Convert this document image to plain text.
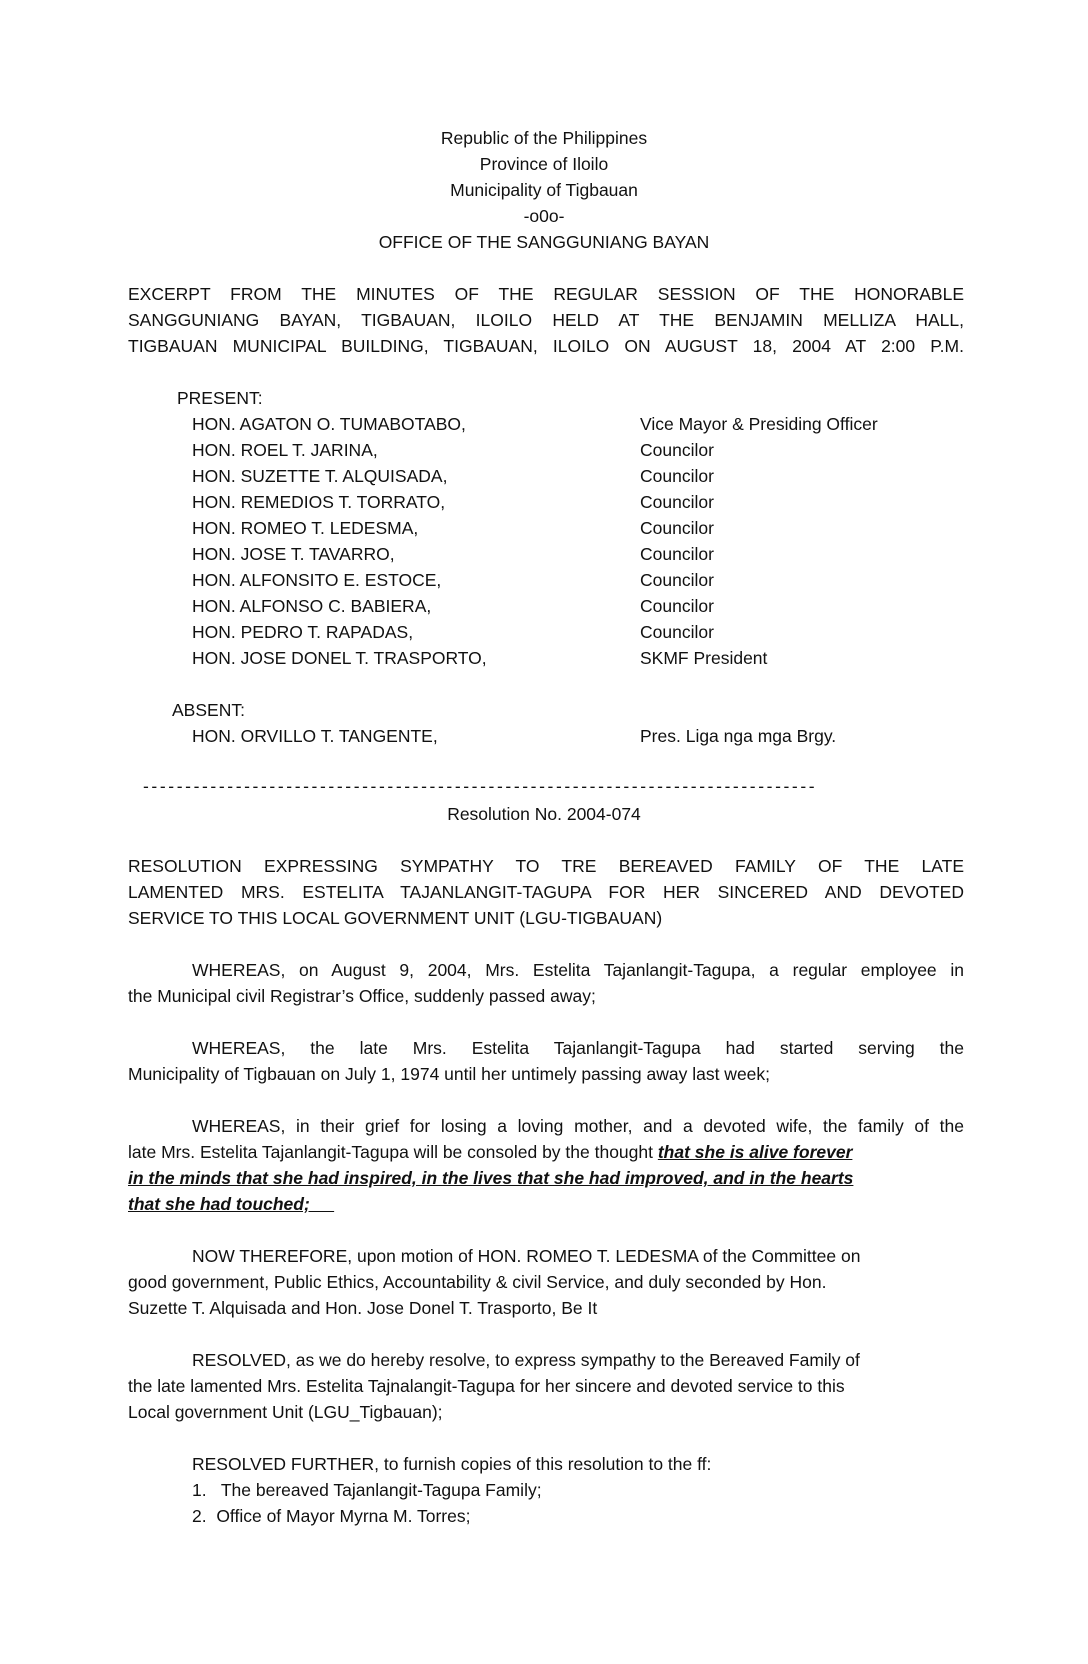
Republic of the Philippines
Province of Iloilo
Municipality of Tigbauan
-o0o-
OFFICE OF THE SANGGUNIANG BAYAN
EXCERPT FROM THE MINUTES OF THE REGULAR SESSION OF THE HONORABLE
SANGGUNIANG BAYAN, TIGBAUAN, ILOILO HELD AT THE BENJAMIN MELLIZA HALL,
TIGBAUAN MUNICIPAL BUILDING, TIGBAUAN, ILOILO ON AUGUST 18, 2004 AT 2:00 P.M.
PRESENT:
HON. AGATON O. TUMABOTABO,	Vice Mayor & Presiding Officer
HON. ROEL T. JARINA,	Councilor
HON. SUZETTE T. ALQUISADA,	Councilor
HON. REMEDIOS T. TORRATO,	Councilor
HON. ROMEO T. LEDESMA,	Councilor
HON. JOSE T. TAVARRO,	Councilor
HON. ALFONSITO E. ESTOCE,	Councilor
HON. ALFONSO C. BABIERA,	Councilor
HON. PEDRO T. RAPADAS,	Councilor
HON. JOSE DONEL T. TRASPORTO,	SKMF President
ABSENT:
HON. ORVILLO T. TANGENTE,	Pres. Liga nga mga Brgy.
--------------------------------------------------------------------------------
Resolution No. 2004-074
RESOLUTION EXPRESSING SYMPATHY TO TRE BEREAVED FAMILY OF THE LATE
LAMENTED MRS. ESTELITA TAJANLANGIT-TAGUPA FOR HER SINCERED AND DEVOTED
SERVICE TO THIS LOCAL GOVERNMENT UNIT (LGU-TIGBAUAN)
WHEREAS, on August 9, 2004, Mrs. Estelita Tajanlangit-Tagupa, a regular employee in
the Municipal civil Registrar’s Office, suddenly passed away;
WHEREAS, the late Mrs. Estelita Tajanlangit-Tagupa had started serving the
Municipality of Tigbauan on July 1, 1974 until her untimely passing away last week;
WHEREAS, in their grief for losing a loving mother, and a devoted wife, the family of the
late Mrs. Estelita Tajanlangit-Tagupa will be consoled by the thought that she is alive forever
in the minds that she had inspired, in the lives that she had improved, and in the hearts
that she had touched;
NOW THEREFORE, upon motion of HON. ROMEO T. LEDESMA of the Committee on
good government, Public Ethics, Accountability & civil Service, and duly seconded by Hon.
Suzette T. Alquisada and Hon. Jose Donel T. Trasporto, Be It
RESOLVED, as we do hereby resolve, to express sympathy to the Bereaved Family of
the late lamented Mrs. Estelita Tajnalangit-Tagupa for her sincere and devoted service to this
Local government Unit (LGU_Tigbauan);
RESOLVED FURTHER, to furnish copies of this resolution to the ff:
1.   The bereaved Tajanlangit-Tagupa Family;
2.  Office of Mayor Myrna M. Torres;
